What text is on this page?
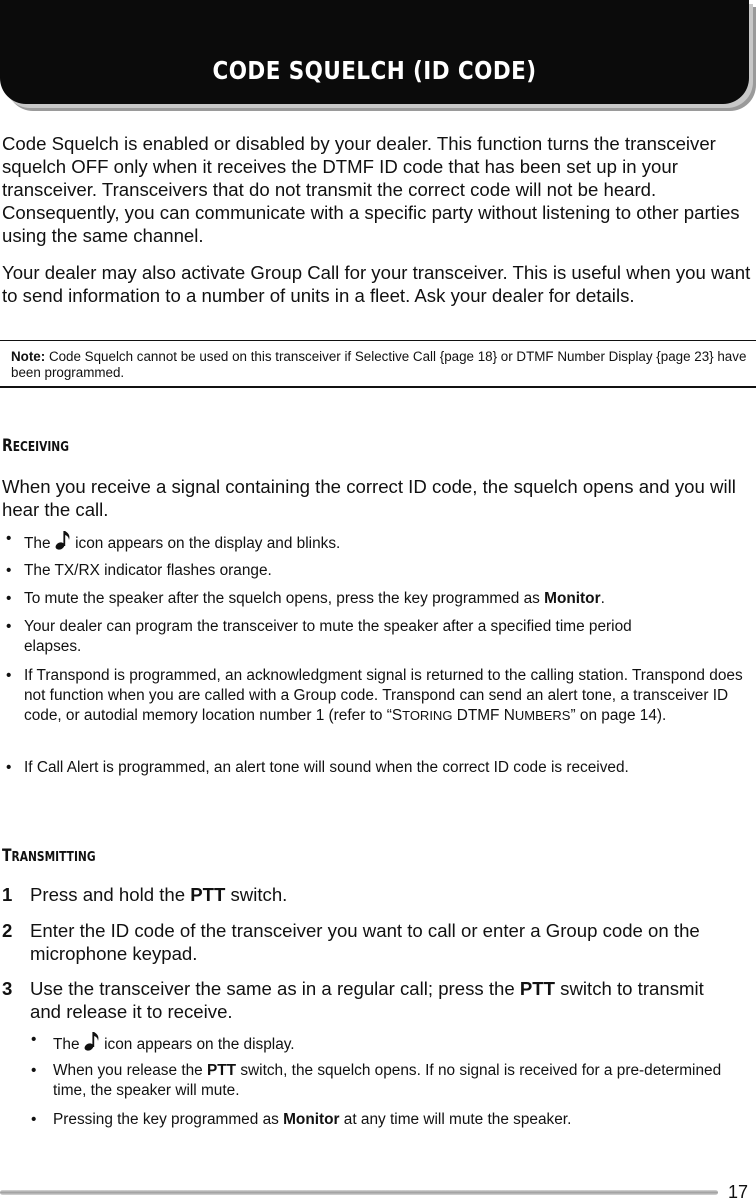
CODE SQUELCH (ID CODE)

Code Squelch is enabled or disabled by your dealer. This function turns the transceiver squelch OFF only when it receives the DTMF ID code that has been set up in your transceiver. Transceivers that do not transmit the correct code will not be heard. Consequently, you can communicate with a specific party without listening to other parties using the same channel.

Your dealer may also activate Group Call for your transceiver. This is useful when you want to send information to a number of units in a fleet. Ask your dealer for details.

Note: Code Squelch cannot be used on this transceiver if Selective Call {page 18} or DTMF Number Display {page 23} have been programmed.
RECEIVING

When you receive a signal containing the correct ID code, the squelch opens and you will hear the call.

• The  icon appears on the display and blinks.
• The TX/RX indicator flashes orange.
• To mute the speaker after the squelch opens, press the key programmed as Monitor.
• Your dealer can program the transceiver to mute the speaker after a specified time period elapses.
• If Transpond is programmed, an acknowledgment signal is returned to the calling station. Transpond does not function when you are called with a Group code. Transpond can send an alert tone, a transceiver ID code, or autodial memory location number 1 (refer to “STORING DTMF NUMBERS” on page 14).
• If Call Alert is programmed, an alert tone will sound when the correct ID code is received.
TRANSMITTING
1 Press and hold the PTT switch.
2 Enter the ID code of the transceiver you want to call or enter a Group code on the microphone keypad.
3 Use the transceiver the same as in a regular call; press the PTT switch to transmit and release it to receive.
• The  icon appears on the display.
• When you release the PTT switch, the squelch opens. If no signal is received for a pre-determined time, the speaker will mute.
• Pressing the key programmed as Monitor at any time will mute the speaker.
17
